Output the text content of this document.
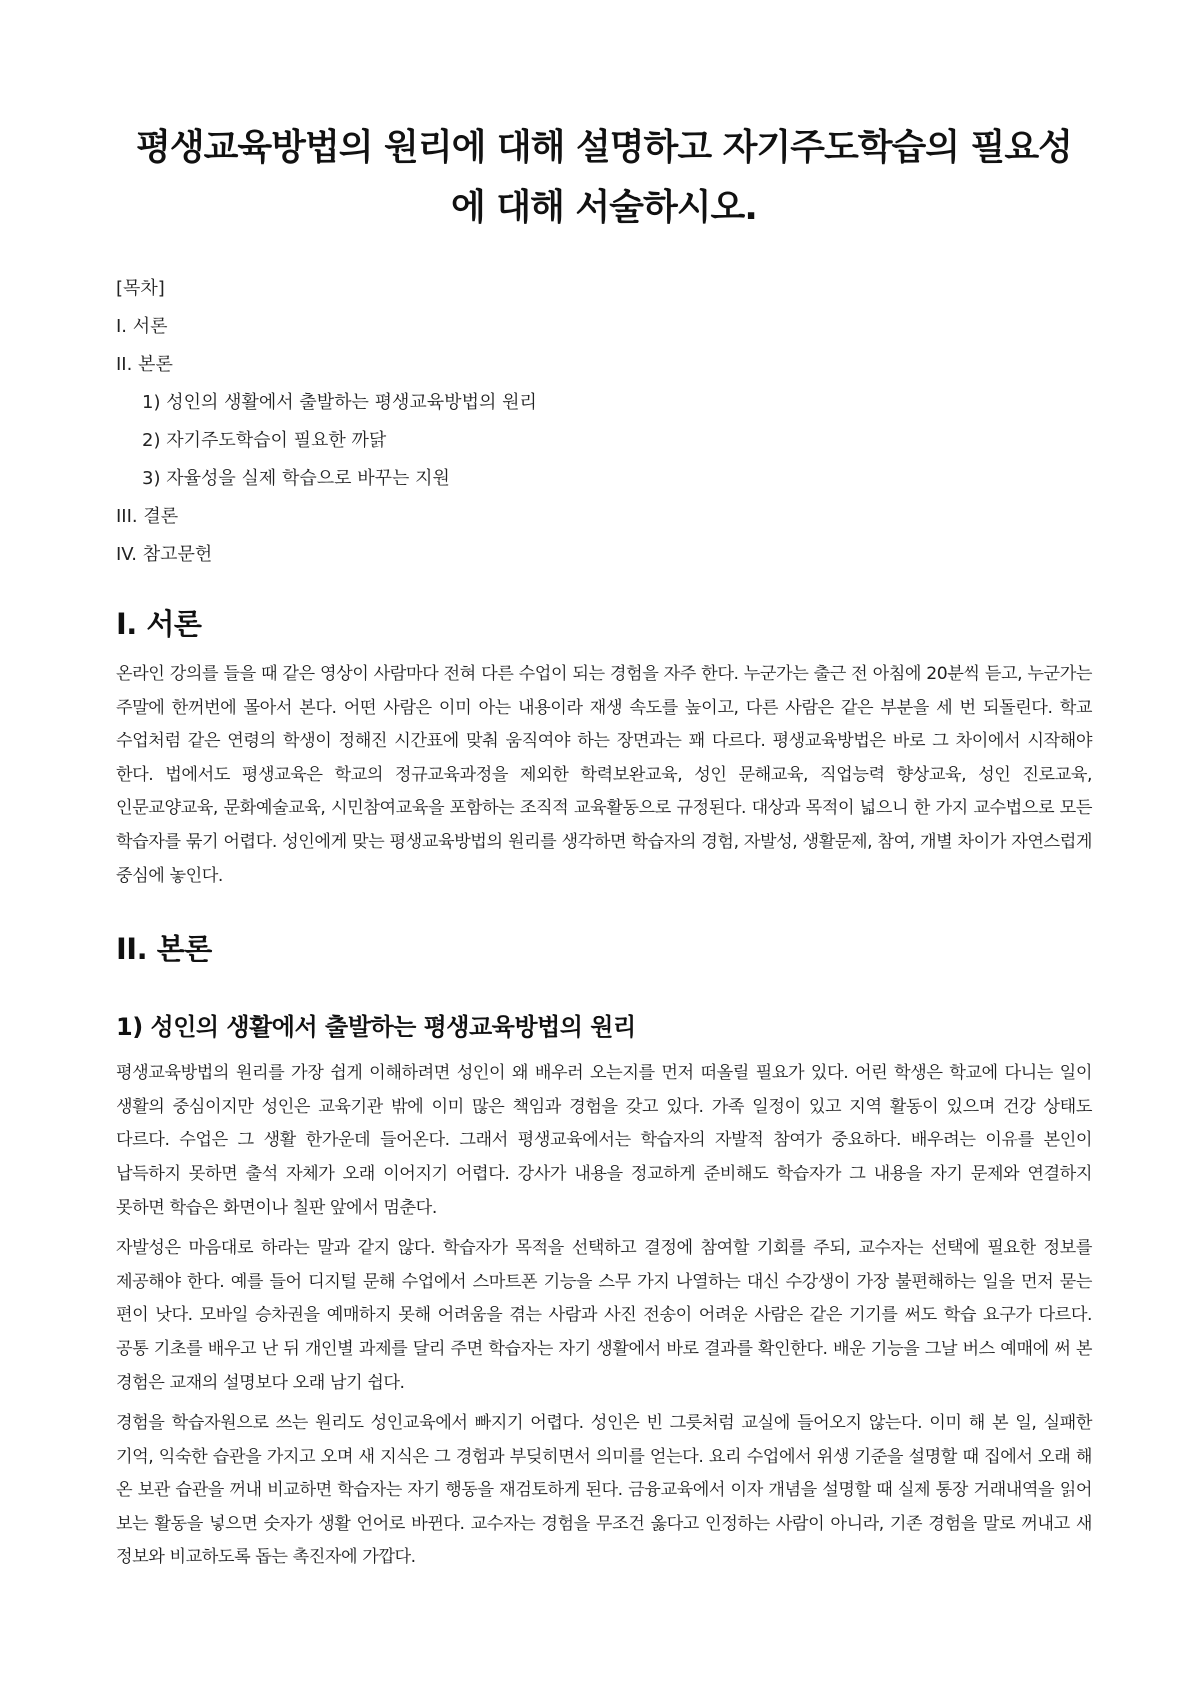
평생교육방법의 원리에 대해 설명하고 자기주도학습의 필요성
에 대해 서술하시오.
[목차]
I. 서론
II. 본론
1) 성인의 생활에서 출발하는 평생교육방법의 원리
2) 자기주도학습이 필요한 까닭
3) 자율성을 실제 학습으로 바꾸는 지원
III. 결론
IV. 참고문헌
I. 서론

온라인 강의를 들을 때 같은 영상이 사람마다 전혀 다른 수업이 되는 경험을 자주 한다. 누군가는 출근 전 아침에 20분씩 듣고, 누군가는 주말에 한꺼번에 몰아서 본다. 어떤 사람은 이미 아는 내용이라 재생 속도를 높이고, 다른 사람은 같은 부분을 세 번 되돌린다. 학교 수업처럼 같은 연령의 학생이 정해진 시간표에 맞춰 움직여야 하는 장면과는 꽤 다르다. 평생교육방법은 바로 그 차이에서 시작해야 한다. 법에서도 평생교육은 학교의 정규교육과정을 제외한 학력보완교육, 성인 문해교육, 직업능력 향상교육, 성인 진로교육, 인문교양교육, 문화예술교육, 시민참여교육을 포함하는 조직적 교육활동으로 규정된다. 대상과 목적이 넓으니 한 가지 교수법으로 모든 학습자를 묶기 어렵다. 성인에게 맞는 평생교육방법의 원리를 생각하면 학습자의 경험, 자발성, 생활문제, 참여, 개별 차이가 자연스럽게 중심에 놓인다.

II. 본론
1) 성인의 생활에서 출발하는 평생교육방법의 원리

평생교육방법의 원리를 가장 쉽게 이해하려면 성인이 왜 배우러 오는지를 먼저 떠올릴 필요가 있다. 어린 학생은 학교에 다니는 일이 생활의 중심이지만 성인은 교육기관 밖에 이미 많은 책임과 경험을 갖고 있다. 가족 일정이 있고 지역 활동이 있으며 건강 상태도 다르다. 수업은 그 생활 한가운데 들어온다. 그래서 평생교육에서는 학습자의 자발적 참여가 중요하다. 배우려는 이유를 본인이 납득하지 못하면 출석 자체가 오래 이어지기 어렵다. 강사가 내용을 정교하게 준비해도 학습자가 그 내용을 자기 문제와 연결하지 못하면 학습은 화면이나 칠판 앞에서 멈춘다.

자발성은 마음대로 하라는 말과 같지 않다. 학습자가 목적을 선택하고 결정에 참여할 기회를 주되, 교수자는 선택에 필요한 정보를 제공해야 한다. 예를 들어 디지털 문해 수업에서 스마트폰 기능을 스무 가지 나열하는 대신 수강생이 가장 불편해하는 일을 먼저 묻는 편이 낫다. 모바일 승차권을 예매하지 못해 어려움을 겪는 사람과 사진 전송이 어려운 사람은 같은 기기를 써도 학습 요구가 다르다. 공통 기초를 배우고 난 뒤 개인별 과제를 달리 주면 학습자는 자기 생활에서 바로 결과를 확인한다. 배운 기능을 그날 버스 예매에 써 본 경험은 교재의 설명보다 오래 남기 쉽다.

경험을 학습자원으로 쓰는 원리도 성인교육에서 빠지기 어렵다. 성인은 빈 그릇처럼 교실에 들어오지 않는다. 이미 해 본 일, 실패한 기억, 익숙한 습관을 가지고 오며 새 지식은 그 경험과 부딪히면서 의미를 얻는다. 요리 수업에서 위생 기준을 설명할 때 집에서 오래 해 온 보관 습관을 꺼내 비교하면 학습자는 자기 행동을 재검토하게 된다. 금융교육에서 이자 개념을 설명할 때 실제 통장 거래내역을 읽어 보는 활동을 넣으면 숫자가 생활 언어로 바뀐다. 교수자는 경험을 무조건 옳다고 인정하는 사람이 아니라, 기존 경험을 말로 꺼내고 새 정보와 비교하도록 돕는 촉진자에 가깝다.
